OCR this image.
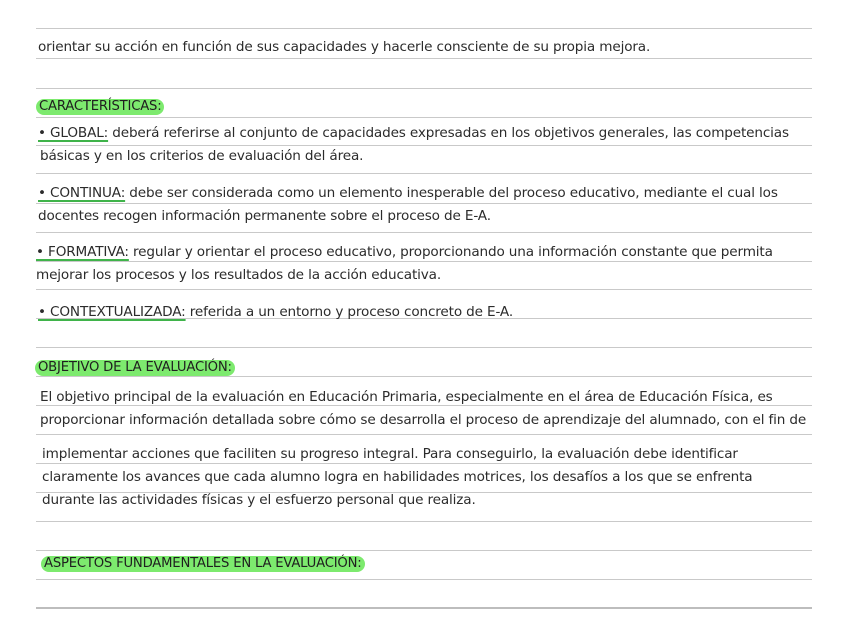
orientar su acción en función de sus capacidades y hacerle consciente de su propia mejora.
CARACTERÍSTICAS:
• GLOBAL: deberá referirse al conjunto de capacidades expresadas en los objetivos generales, las competencias
básicas y en los criterios de evaluación del área.
• CONTINUA: debe ser considerada como un elemento inesperable del proceso educativo, mediante el cual los
docentes recogen información permanente sobre el proceso de E-A.
• FORMATIVA: regular y orientar el proceso educativo, proporcionando una información constante que permita
mejorar los procesos y los resultados de la acción educativa.
• CONTEXTUALIZADA: referida a un entorno y proceso concreto de E-A.
OBJETIVO DE LA EVALUACIÓN:
El objetivo principal de la evaluación en Educación Primaria, especialmente en el área de Educación Física, es
proporcionar información detallada sobre cómo se desarrolla el proceso de aprendizaje del alumnado, con el fin de
implementar acciones que faciliten su progreso integral. Para conseguirlo, la evaluación debe identificar
claramente los avances que cada alumno logra en habilidades motrices, los desafíos a los que se enfrenta
durante las actividades físicas y el esfuerzo personal que realiza.
ASPECTOS FUNDAMENTALES EN LA EVALUACIÓN:
